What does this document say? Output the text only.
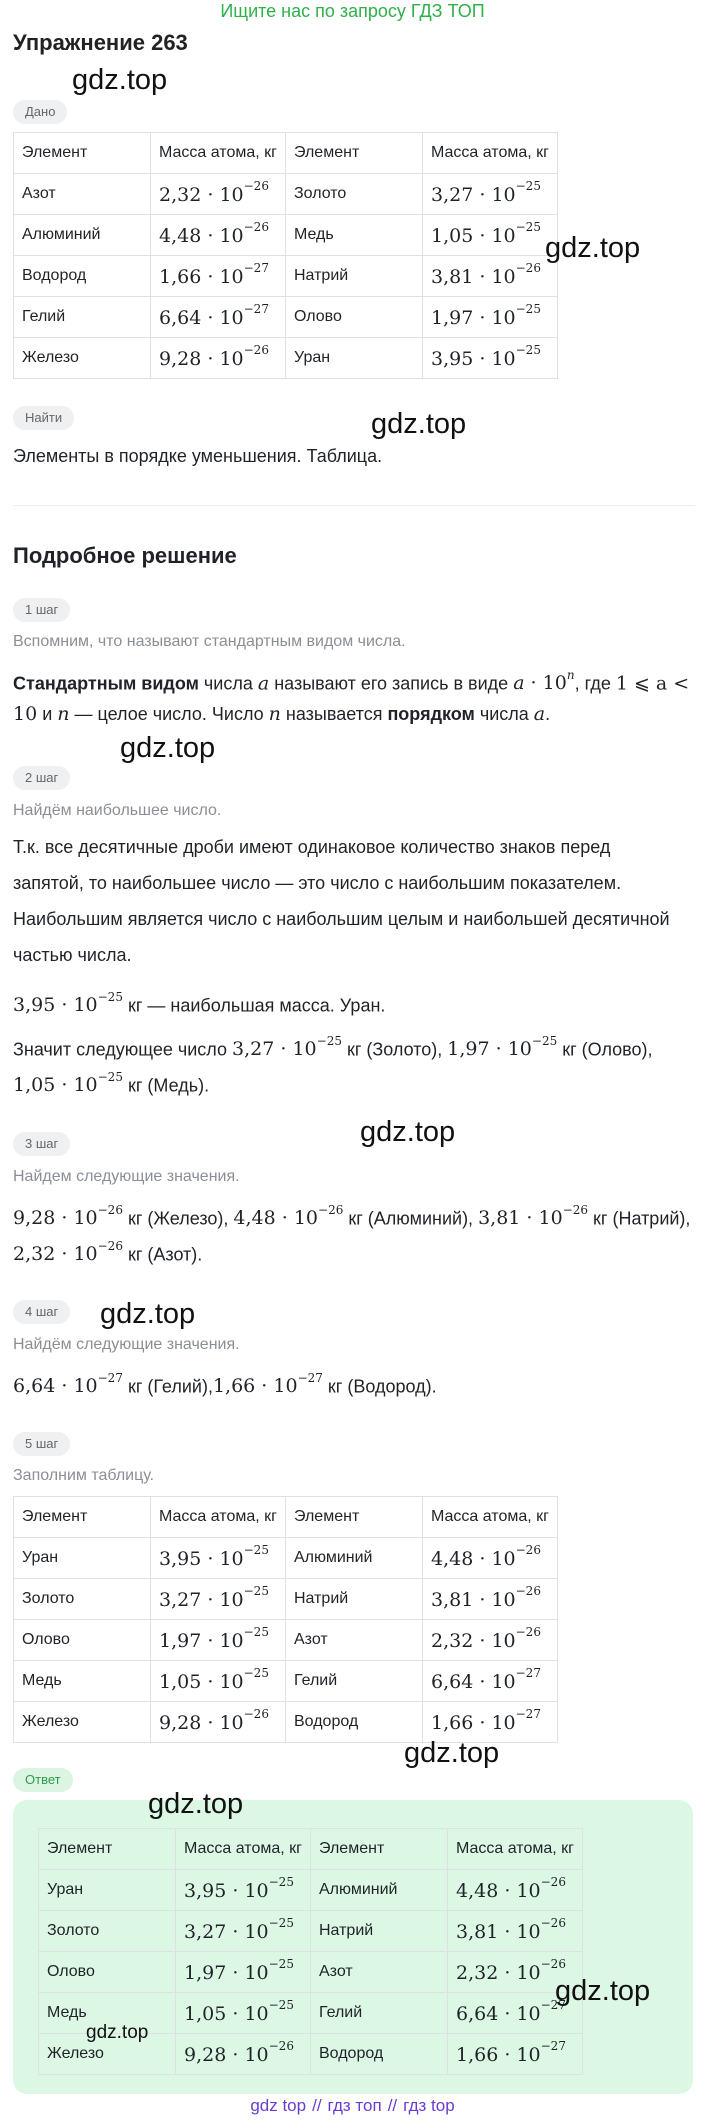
Ищите нас по запросу ГДЗ ТОП
Упражнение 263
Дано
Элемент	Масса атома, кг	Элемент	Масса атома, кг
Азот	$2,32 \cdot 10^{-26}$	Золото	$3,27 \cdot 10^{-25}$
Алюминий	$4,48 \cdot 10^{-26}$	Медь	$1,05 \cdot 10^{-25}$
Водород	$1,66 \cdot 10^{-27}$	Натрий	$3,81 \cdot 10^{-26}$
Гелий	$6,64 \cdot 10^{-27}$	Олово	$1,97 \cdot 10^{-25}$
Железо	$9,28 \cdot 10^{-26}$	Уран	$3,95 \cdot 10^{-25}$
Найти
Элементы в порядке уменьшения. Таблица.
Подробное решение
1 шаг
Вспомним, что называют стандартным видом числа.
Стандартным видом числа a называют его запись в виде $a \cdot 10^n$, где 1 ⩽ a <
10 и n — целое число. Число n называется порядком числа a.
2 шаг
Найдём наибольшее число.
Т.к. все десятичные дроби имеют одинаковое количество знаков перед
запятой, то наибольшее число — это число с наибольшим показателем.
Наибольшим является число с наибольшим целым и наибольшей десятичной
частью числа.
$3,95 \cdot 10^{-25}$ кг — наибольшая масса. Уран.
Значит следующее число $3,27 \cdot 10^{-25}$ кг (Золото), $1,97 \cdot 10^{-25}$ кг (Олово),
$1,05 \cdot 10^{-25}$ кг (Медь).
3 шаг
Найдем следующие значения.
$9,28 \cdot 10^{-26}$ кг (Железо), $4,48 \cdot 10^{-26}$ кг (Алюминий), $3,81 \cdot 10^{-26}$ кг (Натрий),
$2,32 \cdot 10^{-26}$ кг (Азот).
4 шаг
Найдём следующие значения.
$6,64 \cdot 10^{-27}$ кг (Гелий),1,66 · $10^{-27}$ кг (Водород).
5 шаг
Заполним таблицу.
Элемент	Масса атома, кг	Элемент	Масса атома, кг
Уран	$3,95 \cdot 10^{-25}$	Алюминий	$4,48 \cdot 10^{-26}$
Золото	$3,27 \cdot 10^{-25}$	Натрий	$3,81 \cdot 10^{-26}$
Олово	$1,97 \cdot 10^{-25}$	Азот	$2,32 \cdot 10^{-26}$
Медь	$1,05 \cdot 10^{-25}$	Гелий	$6,64 \cdot 10^{-27}$
Железо	$9,28 \cdot 10^{-26}$	Водород	$1,66 \cdot 10^{-27}$
Ответ
Элемент	Масса атома, кг	Элемент	Масса атома, кг
Уран	$3,95 \cdot 10^{-25}$	Алюминий	$4,48 \cdot 10^{-26}$
Золото	$3,27 \cdot 10^{-25}$	Натрий	$3,81 \cdot 10^{-26}$
Олово	$1,97 \cdot 10^{-25}$	Азот	$2,32 \cdot 10^{-26}$
Медь	$1,05 \cdot 10^{-25}$	Гелий	$6,64 \cdot 10^{-27}$
Железо	$9,28 \cdot 10^{-26}$	Водород	$1,66 \cdot 10^{-27}$
gdz.top
gdz.top
gdz.top
gdz.top
gdz.top
gdz.top
gdz.top
gdz.top
gdz.top
gdz.top
gdz top // гдз топ // гдз top
